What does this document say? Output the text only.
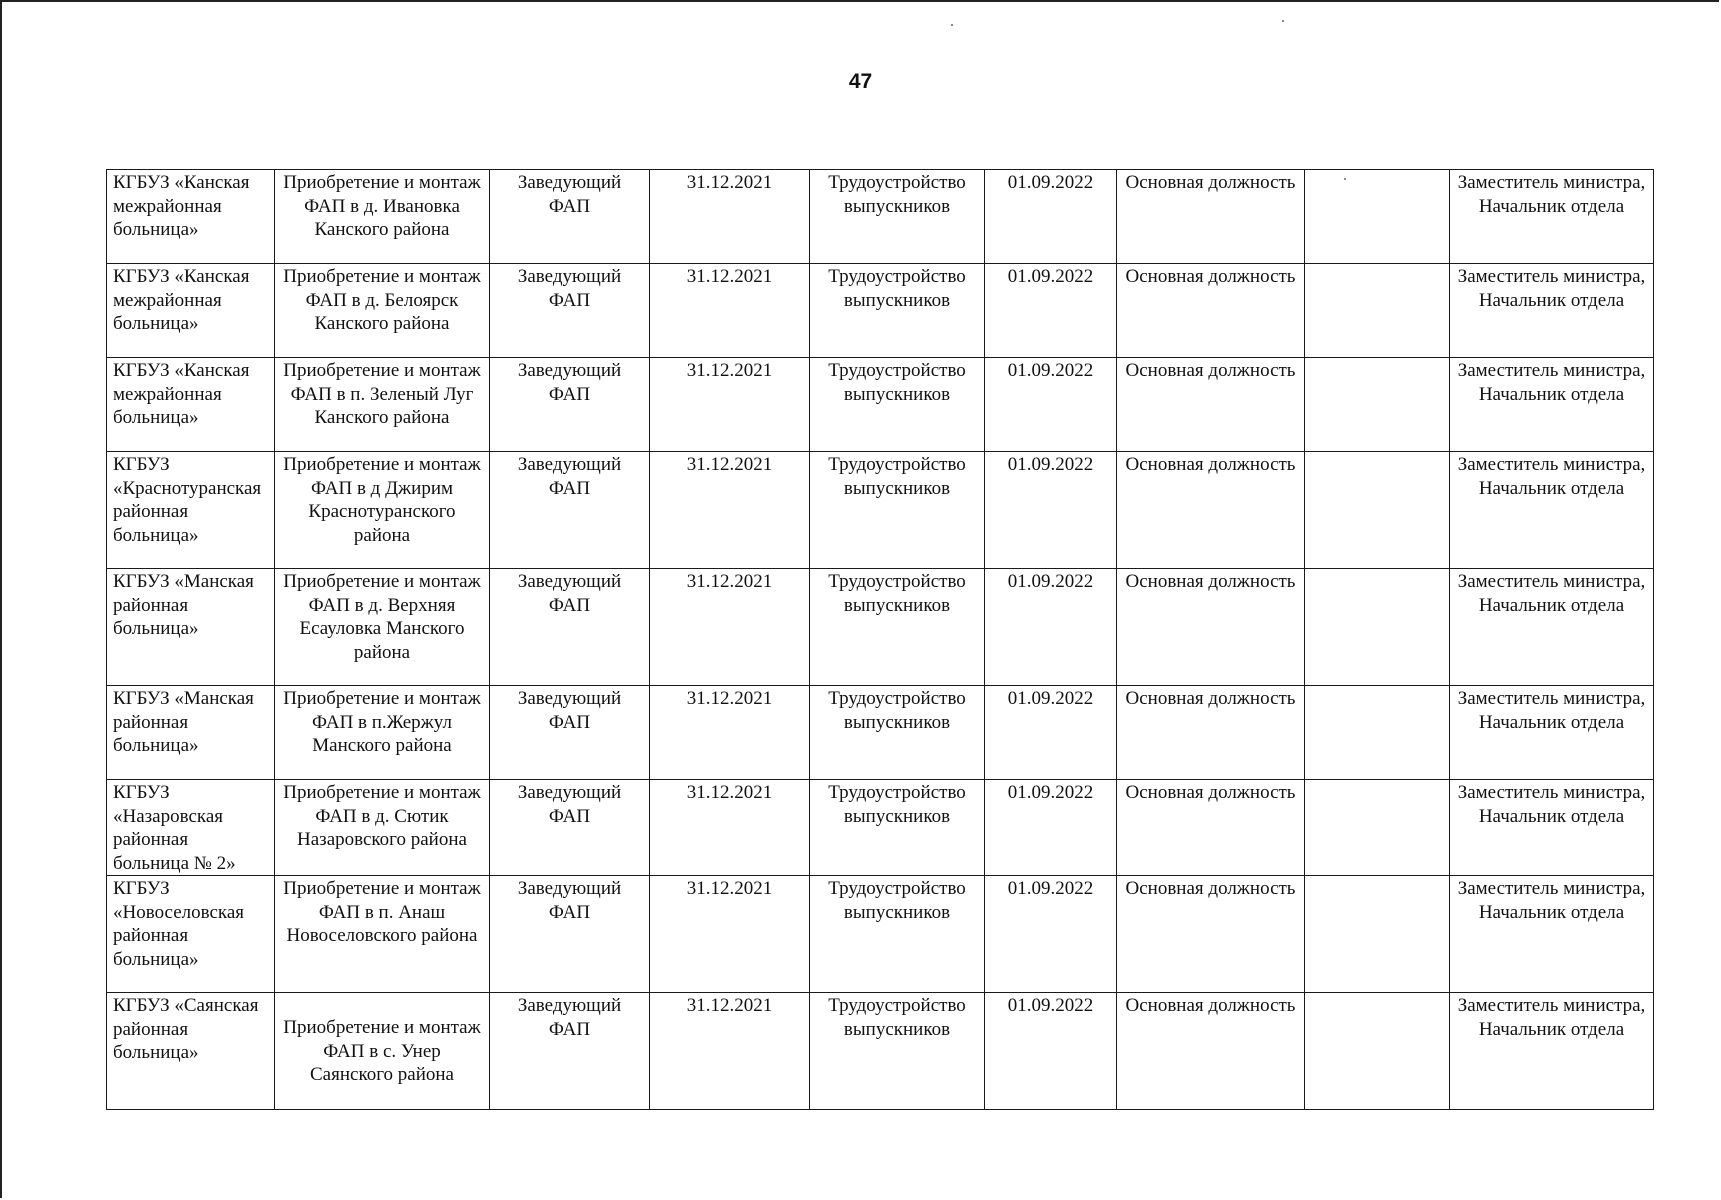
47
КГБУЗ «Канская межрайонная больница»	Приобретение и монтаж ФАП в д. Ивановка Канского района	Заведующий ФАП	31.12.2021	Трудоустройство выпускников	01.09.2022	Основная должность		Заместитель министра, Начальник отдела
КГБУЗ «Канская межрайонная больница»	Приобретение и монтаж ФАП в д. Белоярск Канского района	Заведующий ФАП	31.12.2021	Трудоустройство выпускников	01.09.2022	Основная должность		Заместитель министра, Начальник отдела
КГБУЗ «Канская межрайонная больница»	Приобретение и монтаж ФАП в п. Зеленый Луг Канского района	Заведующий ФАП	31.12.2021	Трудоустройство выпускников	01.09.2022	Основная должность		Заместитель министра, Начальник отдела
КГБУЗ «Краснотуранская районная больница»	Приобретение и монтаж ФАП в д Джирим Краснотуранского района	Заведующий ФАП	31.12.2021	Трудоустройство выпускников	01.09.2022	Основная должность		Заместитель министра, Начальник отдела
КГБУЗ «Манская районная больница»	Приобретение и монтаж ФАП в д. Верхняя Есауловка Манского района	Заведующий ФАП	31.12.2021	Трудоустройство выпускников	01.09.2022	Основная должность		Заместитель министра, Начальник отдела
КГБУЗ «Манская районная больница»	Приобретение и монтаж ФАП в п.Жержул Манского района	Заведующий ФАП	31.12.2021	Трудоустройство выпускников	01.09.2022	Основная должность		Заместитель министра, Начальник отдела
КГБУЗ «Назаровская районная больница № 2»	Приобретение и монтаж ФАП в д. Сютик Назаровского района	Заведующий ФАП	31.12.2021	Трудоустройство выпускников	01.09.2022	Основная должность		Заместитель министра, Начальник отдела
КГБУЗ «Новоселовская районная больница»	Приобретение и монтаж ФАП в п. Анаш Новоселовского района	Заведующий ФАП	31.12.2021	Трудоустройство выпускников	01.09.2022	Основная должность		Заместитель министра, Начальник отдела
КГБУЗ «Саянская районная больница»	Приобретение и монтаж ФАП в с. Унер Саянского района	Заведующий ФАП	31.12.2021	Трудоустройство выпускников	01.09.2022	Основная должность		Заместитель министра, Начальник отдела
